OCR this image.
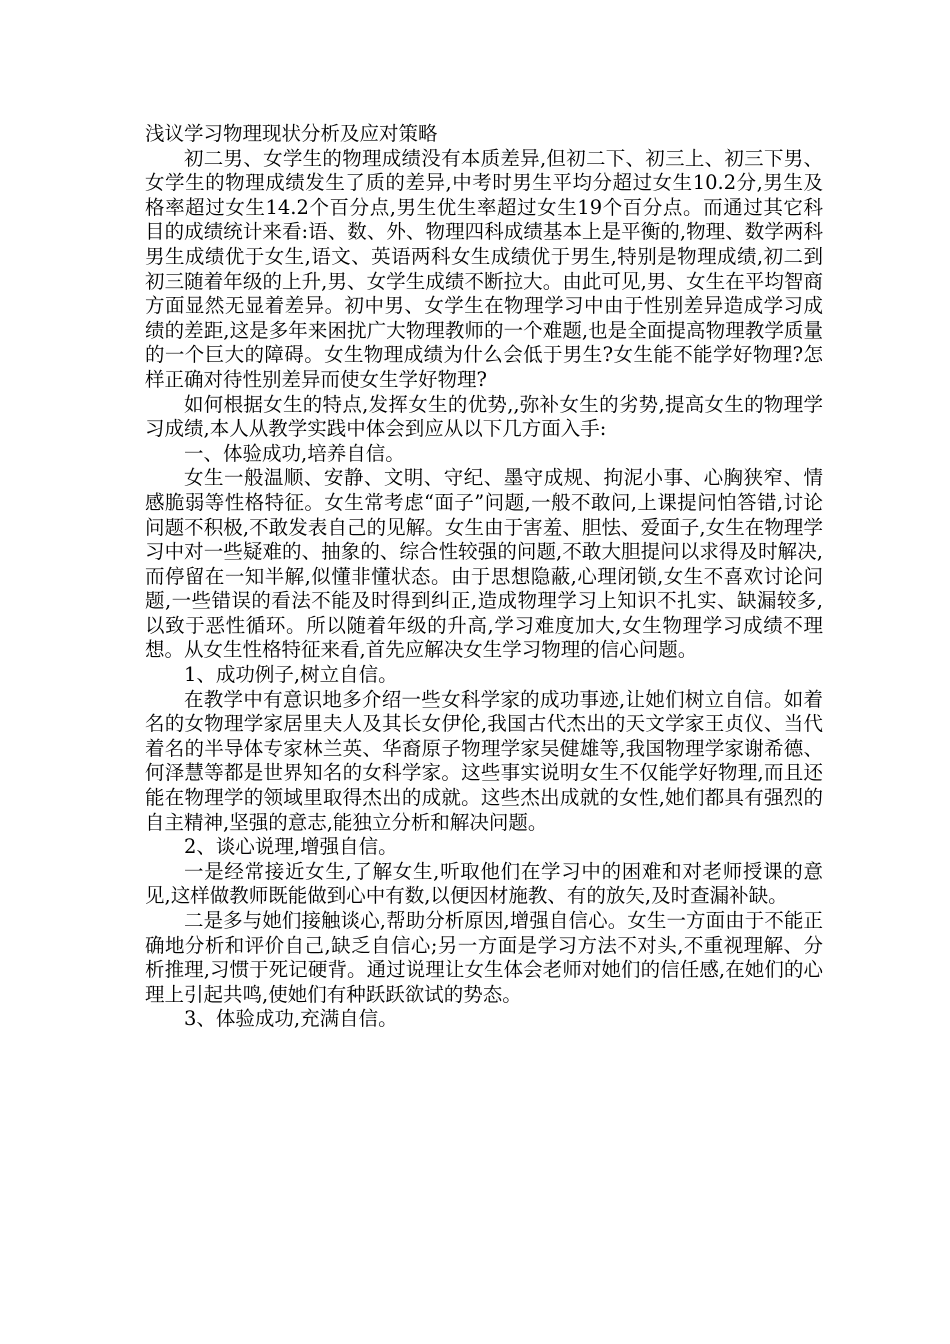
浅议学习物理现状分析及应对策略

初二男、女学生的物理成绩没有本质差异,但初二下、初三上、初三下男、女学生的物理成绩发生了质的差异,中考时男生平均分超过女生10.2分,男生及格率超过女生14.2个百分点,男生优生率超过女生19个百分点。而通过其它科目的成绩统计来看:语、数、外、物理四科成绩基本上是平衡的,物理、数学两科男生成绩优于女生,语文、英语两科女生成绩优于男生,特别是物理成绩,初二到初三随着年级的上升,男、女学生成绩不断拉大。由此可见,男、女生在平均智商方面显然无显着差异。初中男、女学生在物理学习中由于性别差异造成学习成绩的差距,这是多年来困扰广大物理教师的一个难题,也是全面提高物理教学质量的一个巨大的障碍。女生物理成绩为什么会低于男生?女生能不能学好物理?怎样正确对待性别差异而使女生学好物理?

如何根据女生的特点,发挥女生的优势,,弥补女生的劣势,提高女生的物理学习成绩,本人从教学实践中体会到应从以下几方面入手:

一、体验成功,培养自信。

女生一般温顺、安静、文明、守纪、墨守成规、拘泥小事、心胸狭窄、情感脆弱等性格特征。女生常考虑“面子”问题,一般不敢问,上课提问怕答错,讨论问题不积极,不敢发表自己的见解。女生由于害羞、胆怯、爱面子,女生在物理学习中对一些疑难的、抽象的、综合性较强的问题,不敢大胆提问以求得及时解决,而停留在一知半解,似懂非懂状态。由于思想隐蔽,心理闭锁,女生不喜欢讨论问题,一些错误的看法不能及时得到纠正,造成物理学习上知识不扎实、缺漏较多,以致于恶性循环。所以随着年级的升高,学习难度加大,女生物理学习成绩不理想。从女生性格特征来看,首先应解决女生学习物理的信心问题。

1、成功例子,树立自信。

在教学中有意识地多介绍一些女科学家的成功事迹,让她们树立自信。如着名的女物理学家居里夫人及其长女伊伦,我国古代杰出的天文学家王贞仪、当代着名的半导体专家林兰英、华裔原子物理学家吴健雄等,我国物理学家谢希德、何泽慧等都是世界知名的女科学家。这些事实说明女生不仅能学好物理,而且还能在物理学的领域里取得杰出的成就。这些杰出成就的女性,她们都具有强烈的自主精神,坚强的意志,能独立分析和解决问题。

2、谈心说理,增强自信。

一是经常接近女生,了解女生,听取他们在学习中的困难和对老师授课的意见,这样做教师既能做到心中有数,以便因材施教、有的放矢,及时查漏补缺。

二是多与她们接触谈心,帮助分析原因,增强自信心。女生一方面由于不能正确地分析和评价自己,缺乏自信心;另一方面是学习方法不对头,不重视理解、分析推理,习惯于死记硬背。通过说理让女生体会老师对她们的信任感,在她们的心理上引起共鸣,使她们有种跃跃欲试的势态。

3、体验成功,充满自信。
